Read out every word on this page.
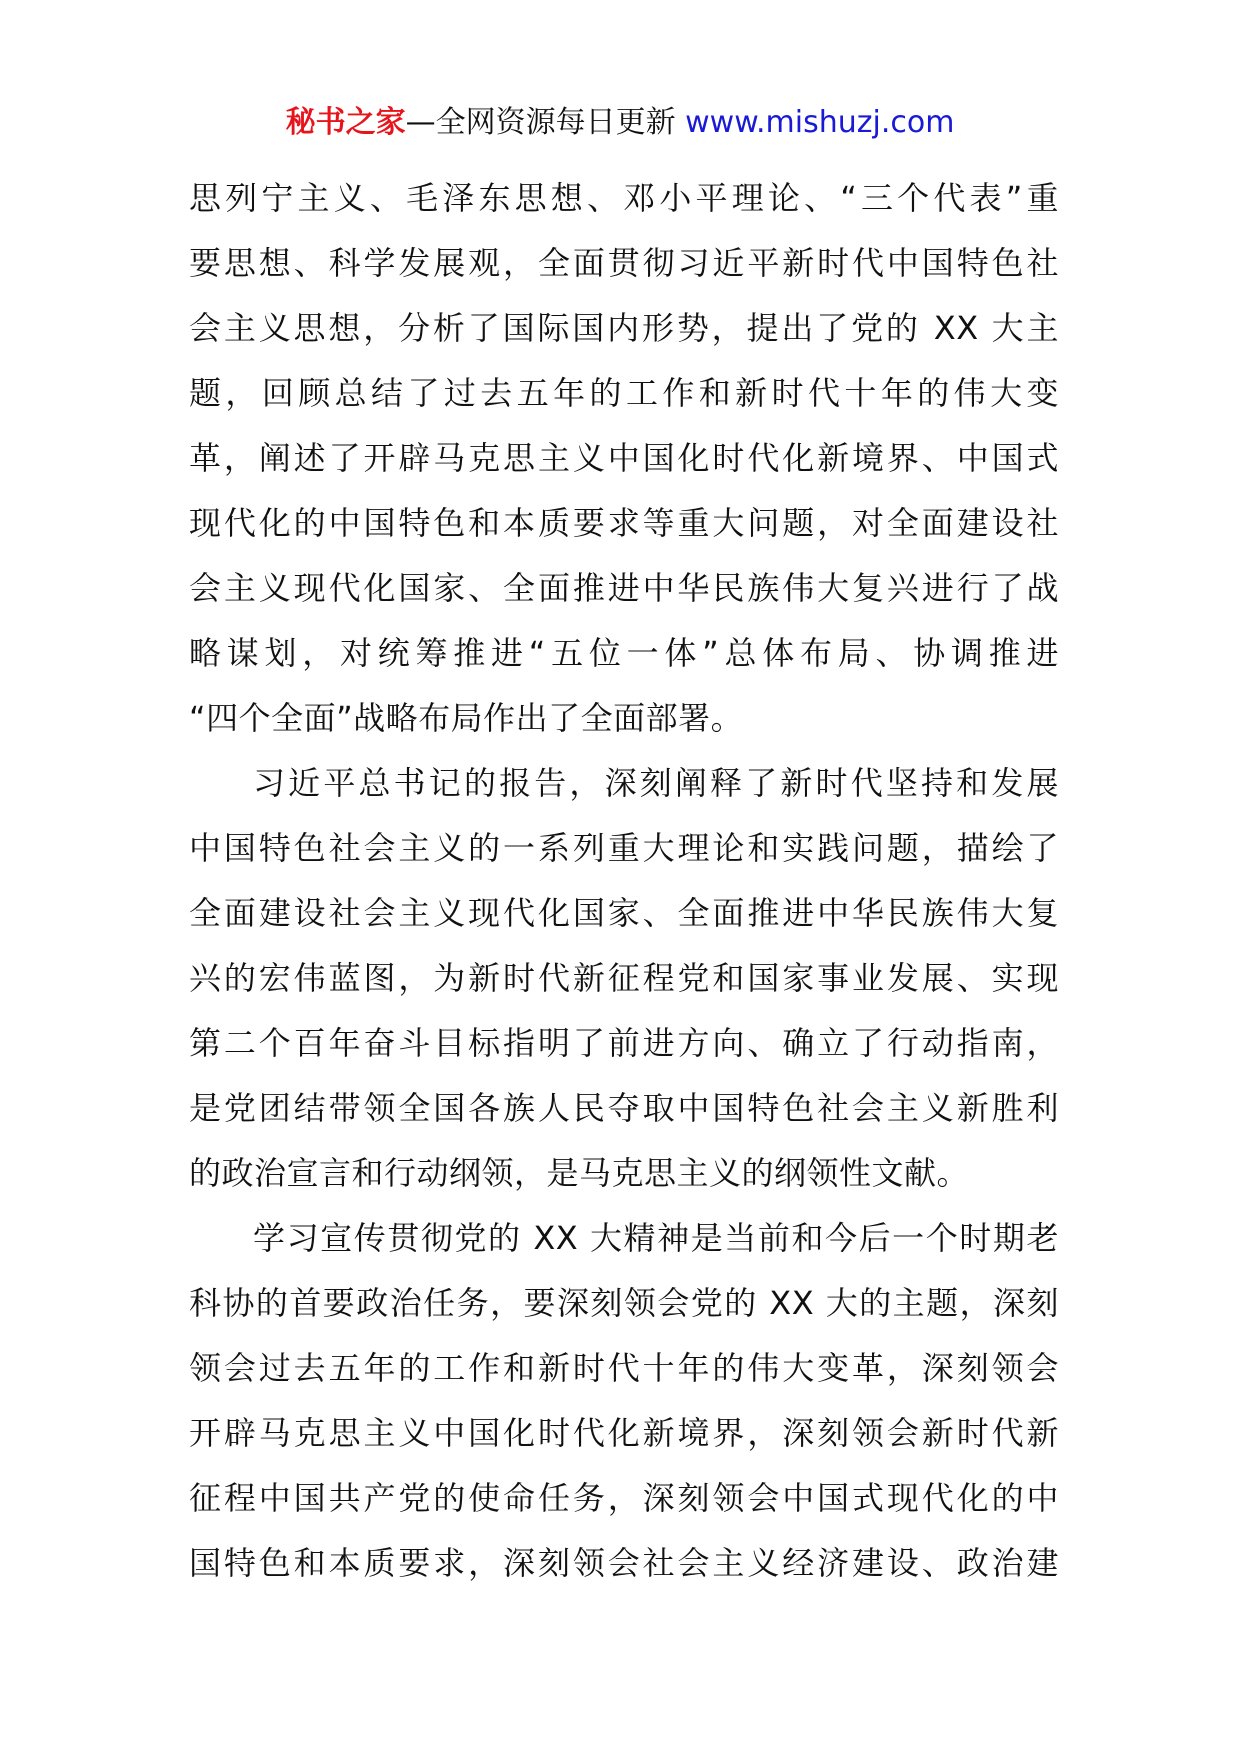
秘书之家—全网资源每日更新 www.mishuzj.com
思列宁主义、毛泽东思想、邓小平理论、“三个代表”重
要思想、科学发展观，全面贯彻习近平新时代中国特色社
会主义思想，分析了国际国内形势，提出了党的 XX 大主
题，回顾总结了过去五年的工作和新时代十年的伟大变
革，阐述了开辟马克思主义中国化时代化新境界、中国式
现代化的中国特色和本质要求等重大问题，对全面建设社
会主义现代化国家、全面推进中华民族伟大复兴进行了战
略谋划，对统筹推进“五位一体”总体布局、协调推进
“四个全面”战略布局作出了全面部署。
习近平总书记的报告，深刻阐释了新时代坚持和发展
中国特色社会主义的一系列重大理论和实践问题，描绘了
全面建设社会主义现代化国家、全面推进中华民族伟大复
兴的宏伟蓝图，为新时代新征程党和国家事业发展、实现
第二个百年奋斗目标指明了前进方向、确立了行动指南，
是党团结带领全国各族人民夺取中国特色社会主义新胜利
的政治宣言和行动纲领，是马克思主义的纲领性文献。
学习宣传贯彻党的 XX 大精神是当前和今后一个时期老
科协的首要政治任务，要深刻领会党的 XX 大的主题，深刻
领会过去五年的工作和新时代十年的伟大变革，深刻领会
开辟马克思主义中国化时代化新境界，深刻领会新时代新
征程中国共产党的使命任务，深刻领会中国式现代化的中
国特色和本质要求，深刻领会社会主义经济建设、政治建
